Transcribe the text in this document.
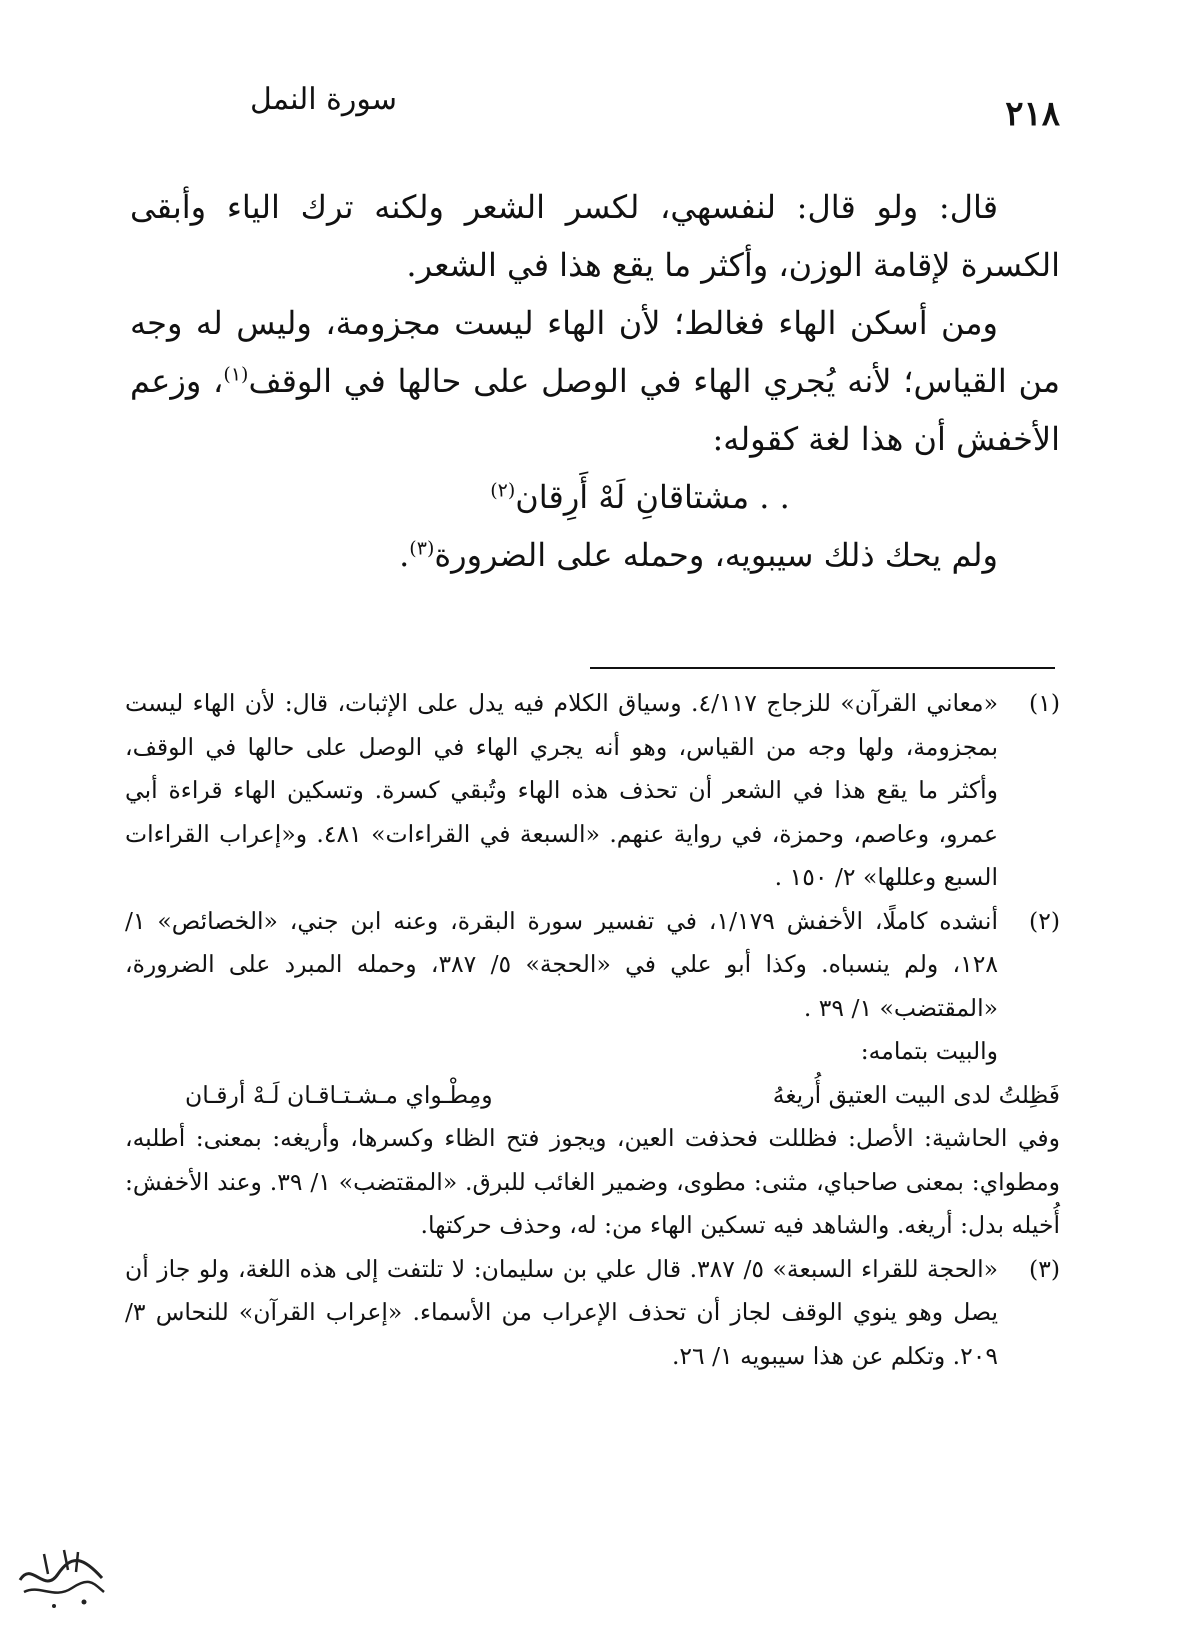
٢١٨
سورة النمل

قال: ولو قال: لنفسهي، لكسر الشعر ولكنه ترك الياء وأبقى الكسرة لإقامة الوزن، وأكثر ما يقع هذا في الشعر.

ومن أسكن الهاء فغالط؛ لأن الهاء ليست مجزومة، وليس له وجه من القياس؛ لأنه يُجري الهاء في الوصل على حالها في الوقف$^{(١)}$، وزعم الأخفش أن هذا لغة كقوله:

. . مشتاقانِ لَهْ أَرِقان$^{(٢)}$

ولم يحك ذلك سيبويه، وحمله على الضرورة$^{(٣)}$.

(١)

«معاني القرآن» للزجاج ٤/١١٧. وسياق الكلام فيه يدل على الإثبات، قال: لأن الهاء ليست بمجزومة، ولها وجه من القياس، وهو أنه يجري الهاء في الوصل على حالها في الوقف، وأكثر ما يقع هذا في الشعر أن تحذف هذه الهاء وتُبقي كسرة. وتسكين الهاء قراءة أبي عمرو، وعاصم، وحمزة، في رواية عنهم. «السبعة في القراءات» ٤٨١. و«إعراب القراءات السبع وعللها» ٢/ ١٥٠ .

(٢)

أنشده كاملًا، الأخفش ١/١٧٩، في تفسير سورة البقرة، وعنه ابن جني، «الخصائص» ١/ ١٢٨، ولم ينسباه. وكذا أبو علي في «الحجة» ٥/ ٣٨٧، وحمله المبرد على الضرورة، «المقتضب» ١/ ٣٩ .

والبيت بتمامه:

فَظِلتُ لدى البيت العتيق أُريغهُ
ومِطْـواي مـشـتـاقـان لَـهْ أرقـان

وفي الحاشية: الأصل: فظللت فحذفت العين، ويجوز فتح الظاء وكسرها، وأريغه: بمعنى: أطلبه، ومطواي: بمعنى صاحباي، مثنى: مطوى، وضمير الغائب للبرق. «المقتضب» ١/ ٣٩. وعند الأخفش: أُخيله بدل: أريغه. والشاهد فيه تسكين الهاء من: له، وحذف حركتها.

(٣)

«الحجة للقراء السبعة» ٥/ ٣٨٧. قال علي بن سليمان: لا تلتفت إلى هذه اللغة، ولو جاز أن يصل وهو ينوي الوقف لجاز أن تحذف الإعراب من الأسماء. «إعراب القرآن» للنحاس ٣/ ٢٠٩. وتكلم عن هذا سيبويه ١/ ٢٦.
